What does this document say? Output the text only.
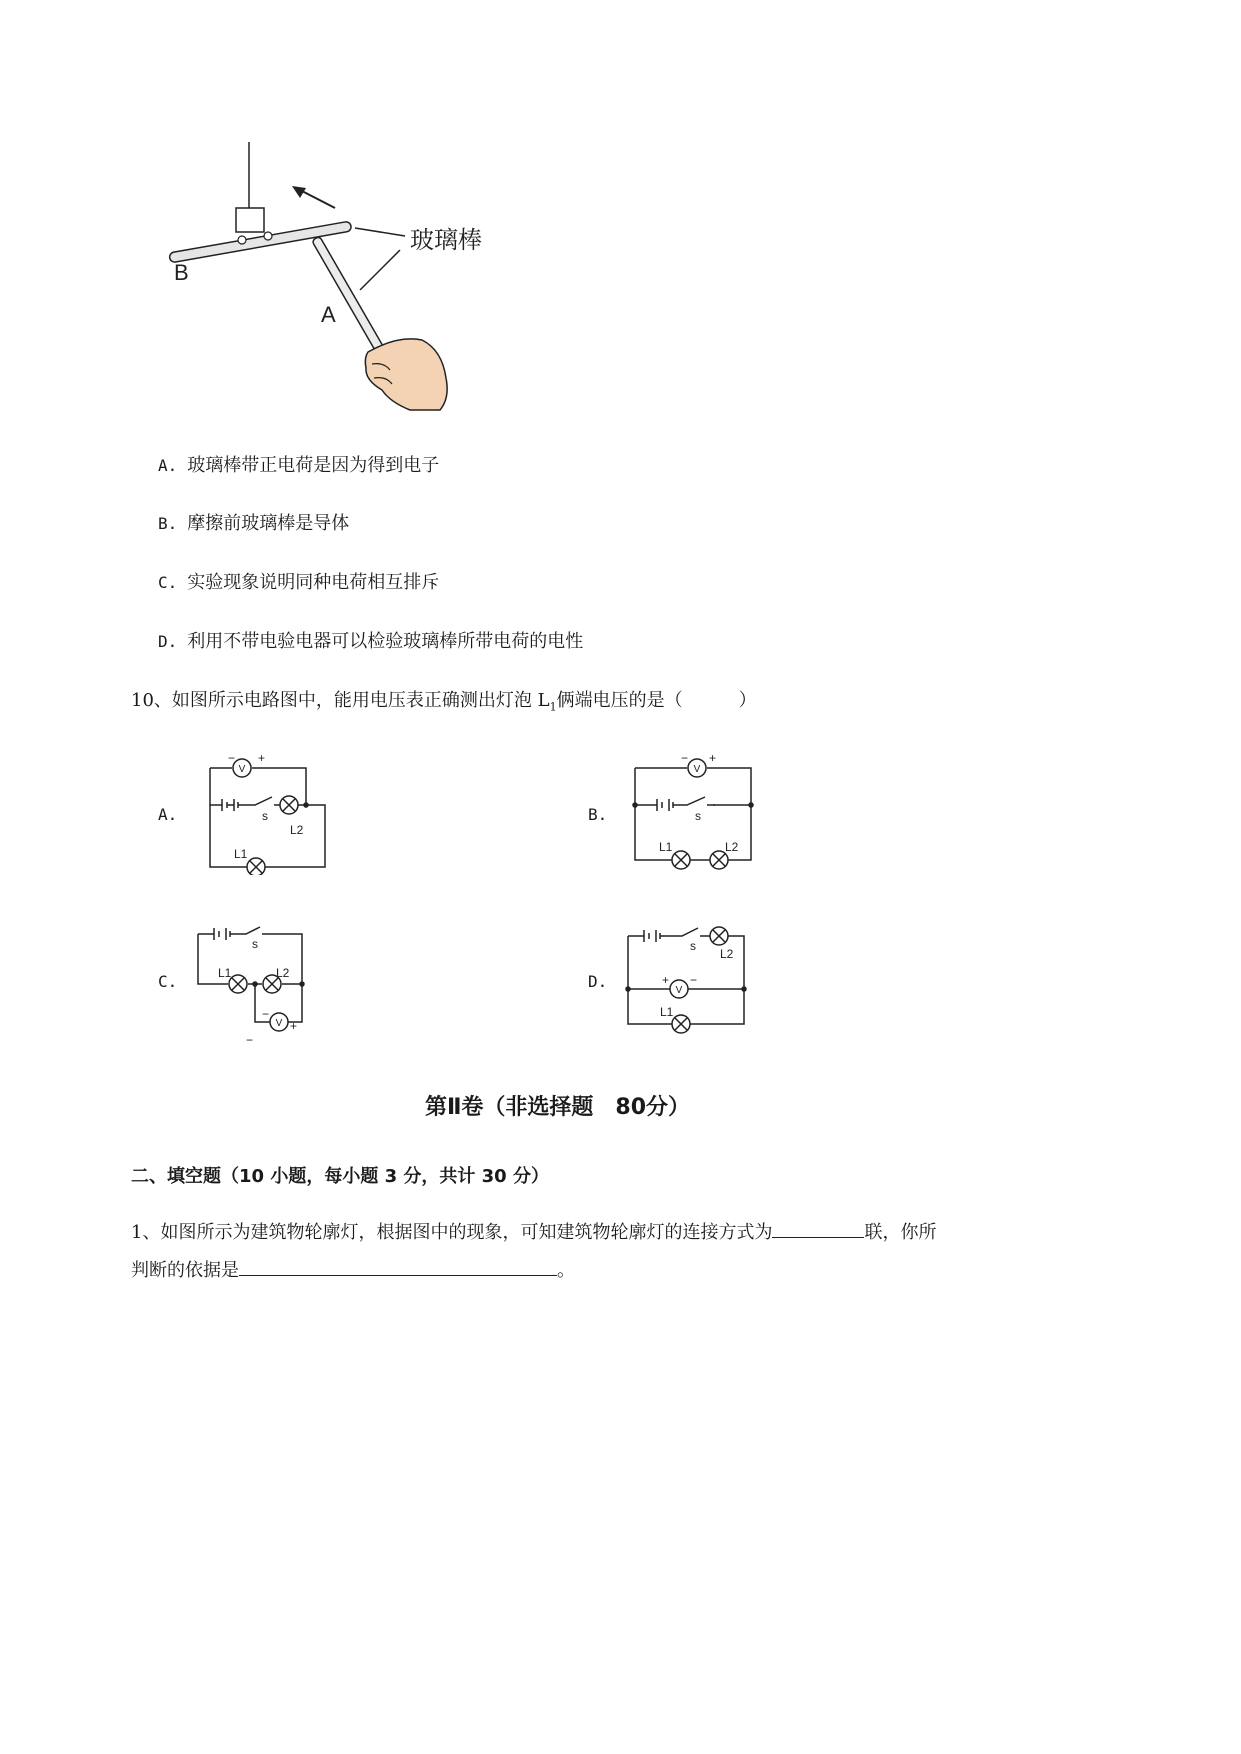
B
A
玻璃棒
A. 玻璃棒带正电荷是因为得到电子
B. 摩擦前玻璃棒是导体
C. 实验现象说明同种电荷相互排斥
D. 利用不带电验电器可以检验玻璃棒所带电荷的电性
10、如图所示电路图中，能用电压表正确测出灯泡 $L_1$俩端电压的是（	）
A.	B.
C.	D.
V
− +
s
L2
L1
V
− +
s
L1	L2
s
L1	L2
V
−
+
−
s
L2
V
+ −
L1
第Ⅱ卷（非选择题　80分）
二、填空题（10 小题，每小题 3 分，共计 30 分）
1、如图所示为建筑物轮廓灯，根据图中的现象，可知建筑物轮廓灯的连接方式为	联，你所
判断的依据是	。
